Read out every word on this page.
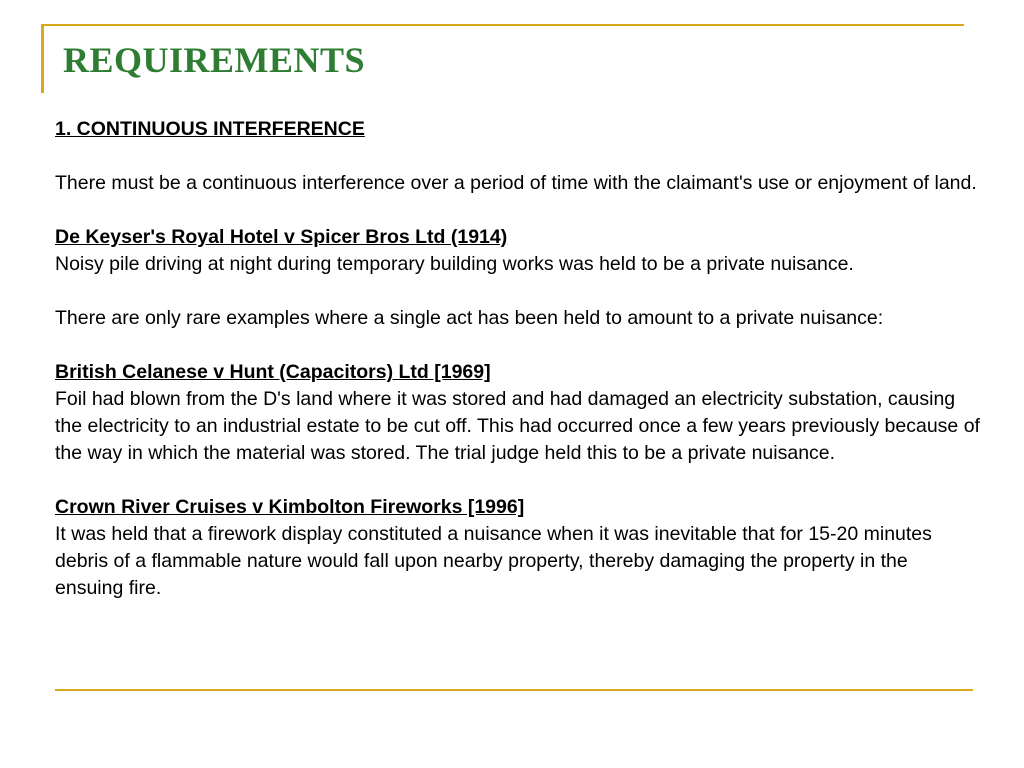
REQUIREMENTS

1. CONTINUOUS INTERFERENCE

There must be a continuous interference over a period of time with the claimant's use or enjoyment of land.

De Keyser's Royal Hotel v Spicer Bros Ltd (1914)
Noisy pile driving at night during temporary building works was held to be a private nuisance.

There are only rare examples where a single act has been held to amount to a private nuisance:

British Celanese v Hunt (Capacitors) Ltd [1969]
Foil had blown from the D's land where it was stored and had damaged an electricity substation, causing the electricity to an industrial estate to be cut off. This had occurred once a few years previously because of the way in which the material was stored. The trial judge held this to be a private nuisance.

Crown River Cruises v Kimbolton Fireworks [1996]
It was held that a firework display constituted a nuisance when it was inevitable that for 15-20 minutes debris of a flammable nature would fall upon nearby property, thereby damaging the property in the ensuing fire.
